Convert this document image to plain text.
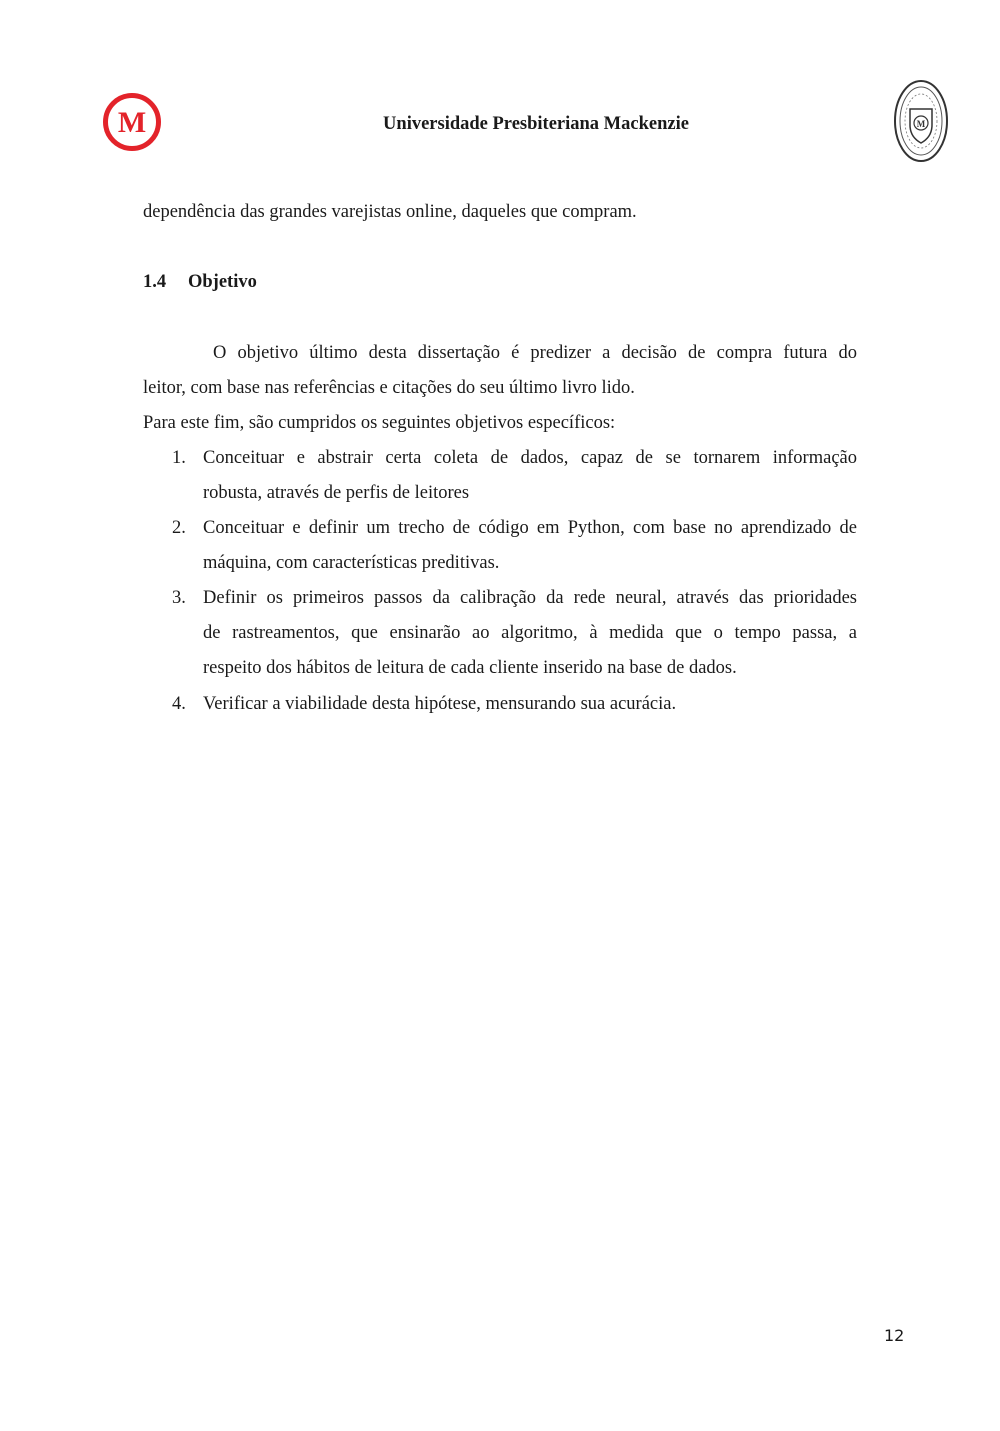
M	Universidade Presbiteriana Mackenzie	M
dependência das grandes varejistas online, daqueles que compram.
1.4 Objetivo
O objetivo último desta dissertação é predizer a decisão de compra futura do
leitor, com base nas referências e citações do seu último livro lido.
Para este fim, são cumpridos os seguintes objetivos específicos:
1. Conceituar e abstrair certa coleta de dados, capaz de se tornarem informação
robusta, através de perfis de leitores
2. Conceituar e definir um trecho de código em Python, com base no aprendizado de
máquina, com características preditivas.
3. Definir os primeiros passos da calibração da rede neural, através das prioridades
de rastreamentos, que ensinarão ao algoritmo, à medida que o tempo passa, a
respeito dos hábitos de leitura de cada cliente inserido na base de dados.
4. Verificar a viabilidade desta hipótese, mensurando sua acurácia.
12
